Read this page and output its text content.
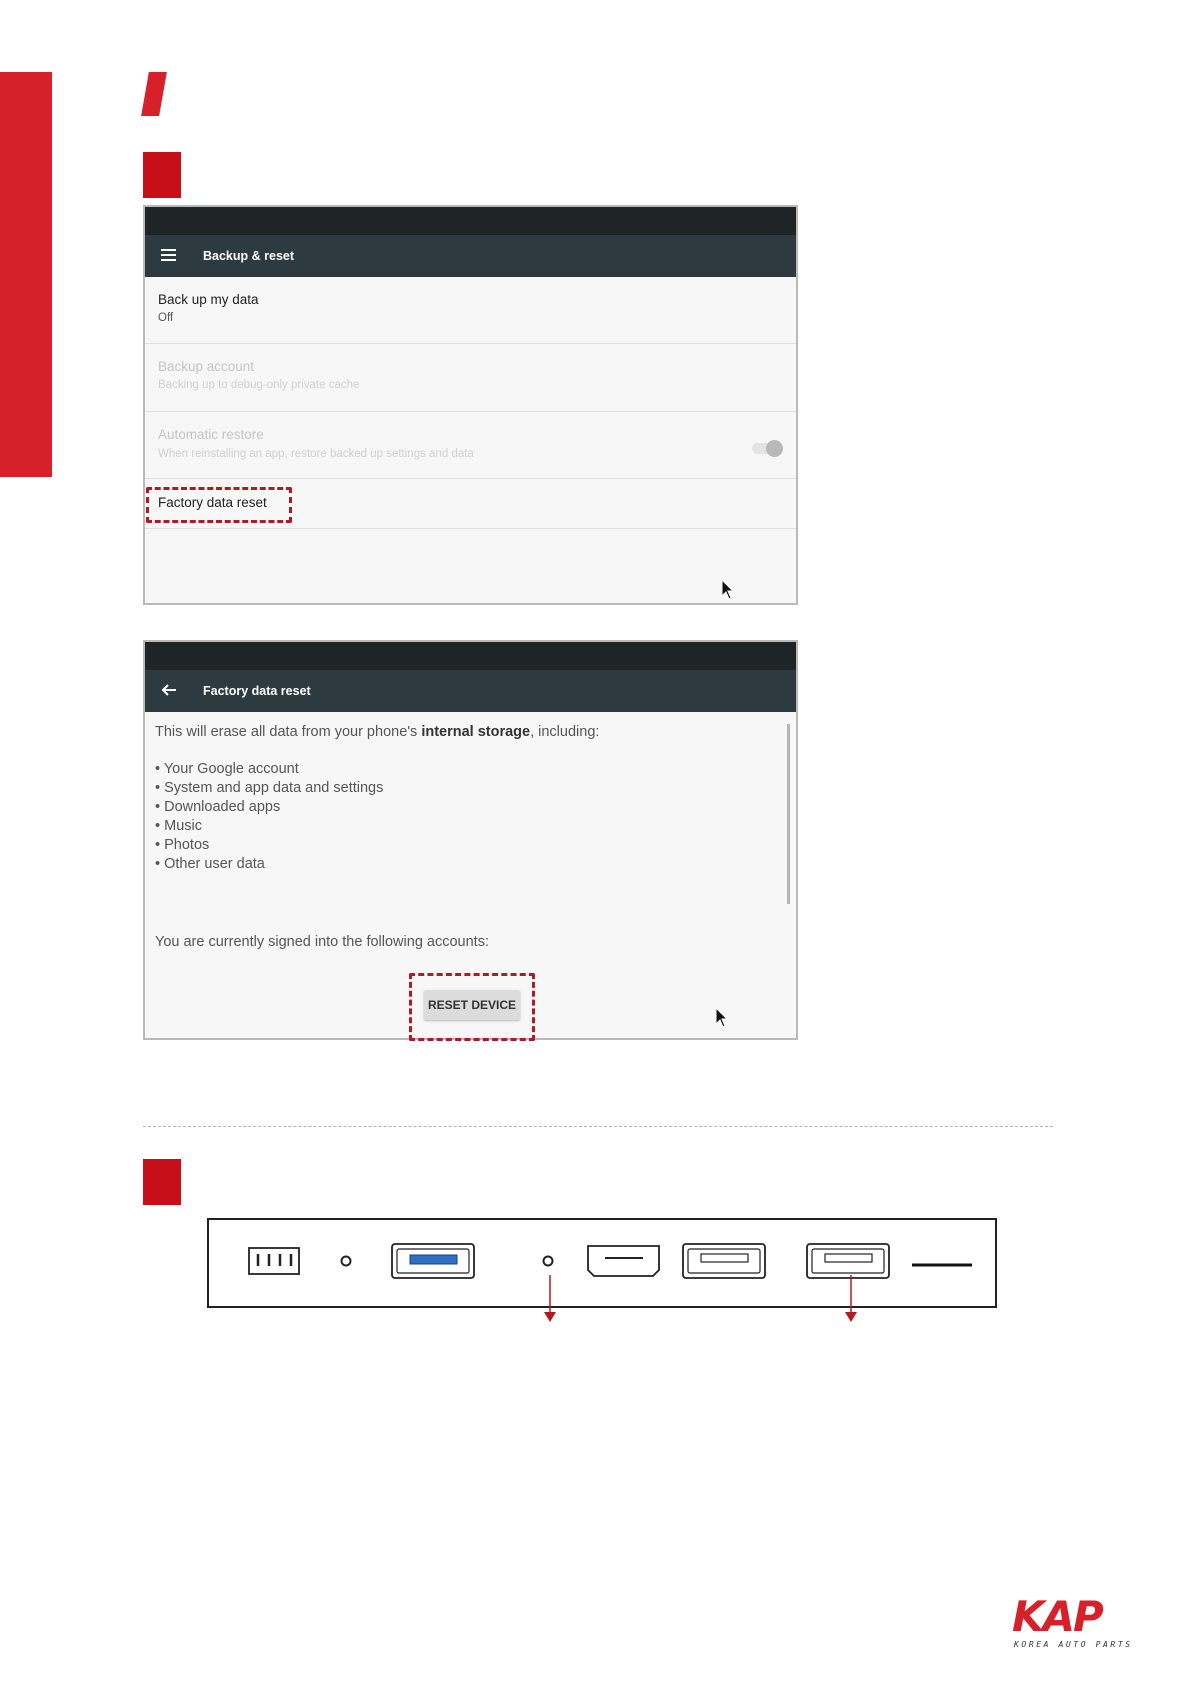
Backup & reset
Back up my data
Off
Backup account
Backing up to debug-only private cache
Automatic restore
When reinstalling an app, restore backed up settings and data
Factory data reset
Factory data reset
This will erase all data from your phone's internal storage, including:
• Your Google account
• System and app data and settings
• Downloaded apps
• Music
• Photos
• Other user data
You are currently signed into the following accounts:
RESET DEVICE
KAP
KOREA AUTO PARTS
